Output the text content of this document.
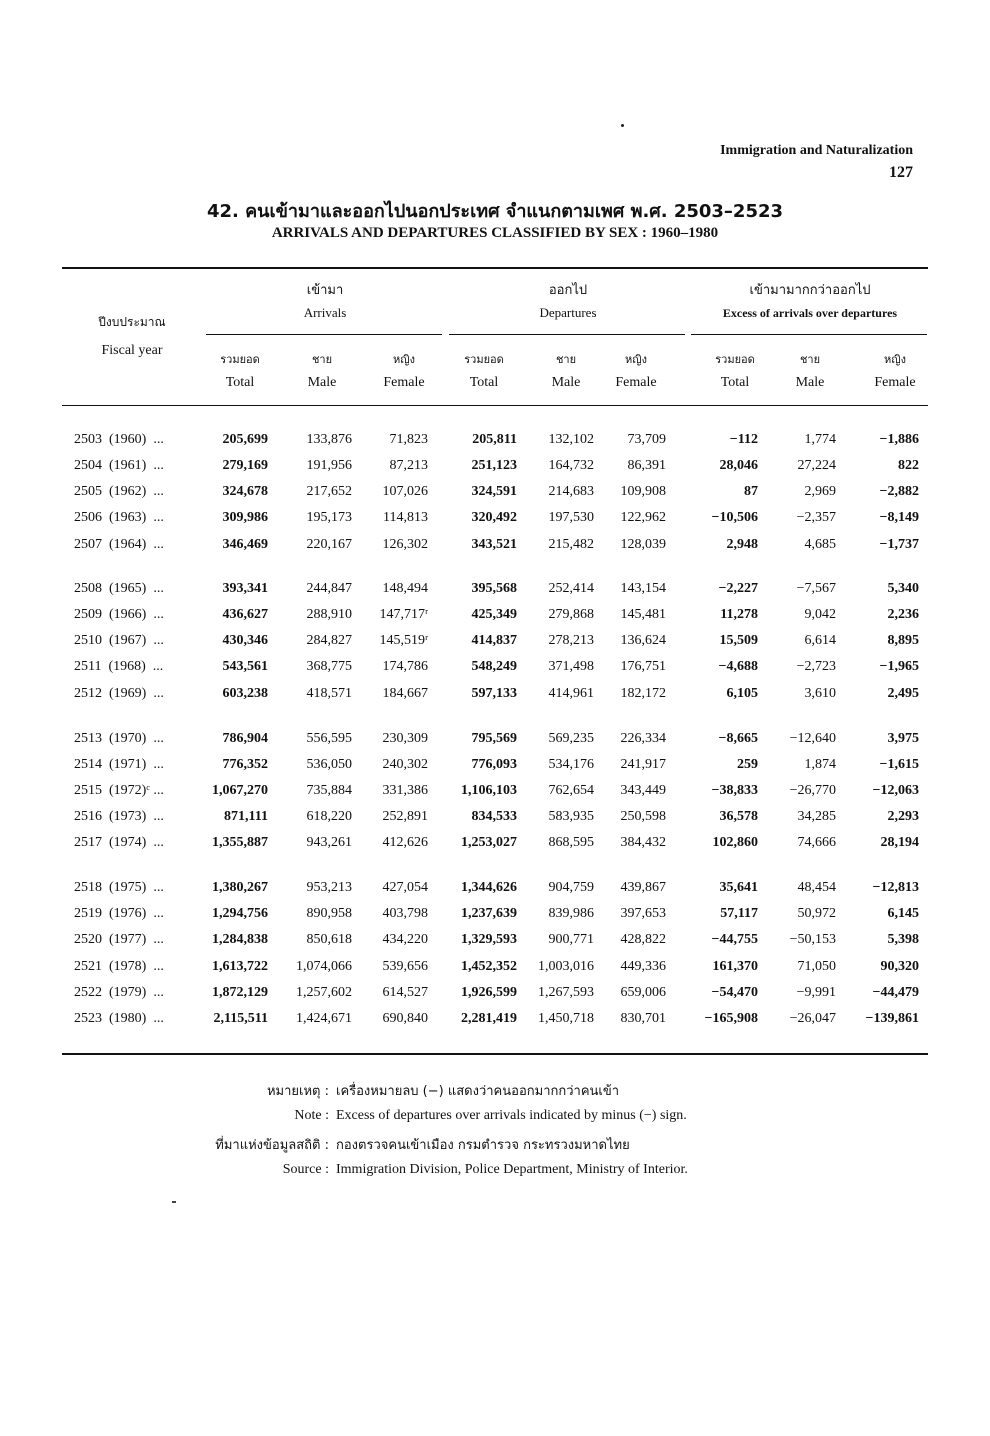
Immigration and Naturalization
127
42. คนเข้ามาและออกไปนอกประเทศ จำแนกตามเพศ พ.ศ. 2503–2523
ARRIVALS AND DEPARTURES CLASSIFIED BY SEX : 1960–1980
ปีงบประมาณ
Fiscal year
เข้ามา
Arrivals
ออกไป
Departures
เข้ามามากกว่าออกไป
Excess of arrivals over departures
รวมยอด
Total
ชาย
Male
หญิง
Female
รวมยอด
Total
ชาย
Male
หญิง
Female
รวมยอด
Total
ชาย
Male
หญิง
Female
2503  (1960)  ...	205,699	133,876	71,823	205,811 132,102 73,709	−112	1,774	−1,886
2504  (1961)  ...	279,169	191,956	87,213	251,123 164,732 86,391	28,046	27,224	822
2505  (1962)  ...	324,678	217,652 107,026	324,591 214,683 109,908	87	2,969	−2,882
2506  (1963)  ...	309,986	195,173 114,813	320,492 197,530 122,962	−10,506	−2,357	−8,149
2507  (1964)  ...	346,469	220,167 126,302	343,521 215,482 128,039	2,948	4,685	−1,737
2508  (1965)  ...	393,341	244,847 148,494	395,568 252,414 143,154	−2,227	−7,567	5,340
2509  (1966)  ...	436,627	288,910 147,717ʳ	425,349 279,868 145,481	11,278	9,042	2,236
2510  (1967)  ...	430,346	284,827 145,519ʳ	414,837 278,213 136,624	15,509	6,614	8,895
2511  (1968)  ...	543,561	368,775 174,786	548,249 371,498 176,751	−4,688	−2,723	−1,965
2512  (1969)  ...	603,238	418,571 184,667	597,133 414,961 182,172	6,105	3,610	2,495
2513  (1970)  ...	786,904	556,595 230,309	795,569 569,235 226,334	−8,665 −12,640	3,975
2514  (1971)  ...	776,352	536,050 240,302	776,093 534,176 241,917	259	1,874	−1,615
2515  (1972)ᶜ ...	1,067,270	735,884 331,386 1,106,103 762,654 343,449	−38,833 −26,770	−12,063
2516  (1973)  ...	871,111	618,220 252,891	834,533 583,935 250,598	36,578	34,285	2,293
2517  (1974)  ...	1,355,887	943,261 412,626 1,253,027 868,595 384,432	102,860	74,666	28,194
2518  (1975)  ...	1,380,267	953,213 427,054 1,344,626 904,759 439,867	35,641	48,454	−12,813
2519  (1976)  ...	1,294,756	890,958 403,798 1,237,639 839,986 397,653	57,117	50,972	6,145
2520  (1977)  ...	1,284,838	850,618 434,220 1,329,593 900,771 428,822	−44,755 −50,153	5,398
2521  (1978)  ...	1,613,722 1,074,066 539,656 1,452,352 1,003,016 449,336	161,370	71,050	90,320
2522  (1979)  ...	1,872,129 1,257,602 614,527 1,926,599 1,267,593 659,006	−54,470	−9,991	−44,479
2523  (1980)  ...	2,115,511 1,424,671 690,840 2,281,419 1,450,718 830,701	−165,908 −26,047 −139,861
หมายเหตุ : เครื่องหมายลบ (−) แสดงว่าคนออกมากกว่าคนเข้า
Note : Excess of departures over arrivals indicated by minus (−) sign.
ที่มาแห่งข้อมูลสถิติ : กองตรวจคนเข้าเมือง กรมตำรวจ กระทรวงมหาดไทย
Source : Immigration Division, Police Department, Ministry of Interior.
